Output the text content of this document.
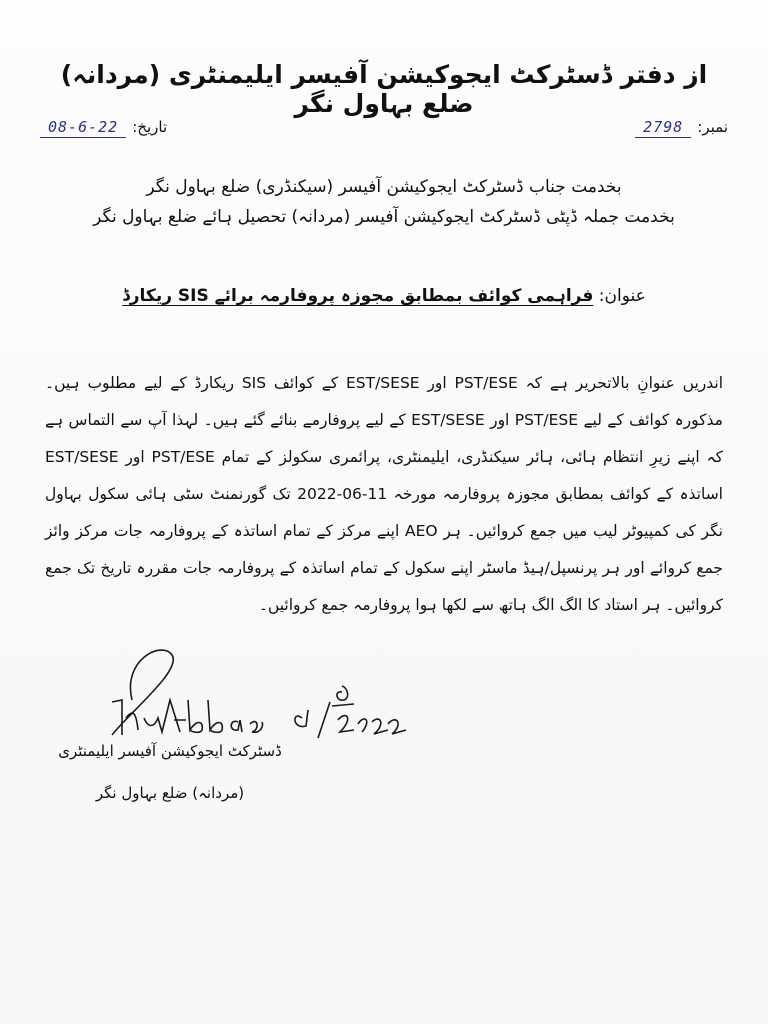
از دفتر ڈسٹرکٹ ایجوکیشن آفیسر ایلیمنٹری (مردانہ) ضلع بہاول نگر
نمبر:
2798
تاریخ:
08-6-22
بخدمت جناب ڈسٹرکٹ ایجوکیشن آفیسر (سیکنڈری) ضلع بہاول نگر
بخدمت جملہ ڈپٹی ڈسٹرکٹ ایجوکیشن آفیسر (مردانہ) تحصیل ہائے ضلع بہاول نگر
عنوان: فراہمی کوائف بمطابق مجوزہ پروفارمہ برائے SIS ریکارڈ
اندریں عنوانِ بالاتحریر ہے کہ PST/ESE اور EST/SESE کے کوائف SIS ریکارڈ کے لیے مطلوب ہیں۔ مذکورہ کوائف کے لیے PST/ESE اور EST/SESE کے لیے پروفارمے بنائے گئے ہیں۔ لہذا آپ سے التماس ہے کہ اپنے زیرِ انتظام ہائی، ہائر سیکنڈری، ایلیمنٹری، پرائمری سکولز کے تمام PST/ESE اور EST/SESE اساتذہ کے کوائف بمطابق مجوزہ پروفارمہ مورخہ 11-06-2022 تک گورنمنٹ سٹی ہائی سکول بہاول نگر کی کمپیوٹر لیب میں جمع کروائیں۔ ہر AEO اپنے مرکز کے تمام اساتذہ کے پروفارمہ جات مرکز وائز جمع کروائے اور ہر پرنسپل/ہیڈ ماسٹر اپنے سکول کے تمام اساتذہ کے پروفارمہ جات مقررہ تاریخ تک جمع کروائیں۔ ہر استاد کا الگ الگ ہاتھ سے لکھا ہوا پروفارمہ جمع کروائیں۔
ڈسٹرکٹ ایجوکیشن آفیسر ایلیمنٹری
(مردانہ) ضلع بہاول نگر
